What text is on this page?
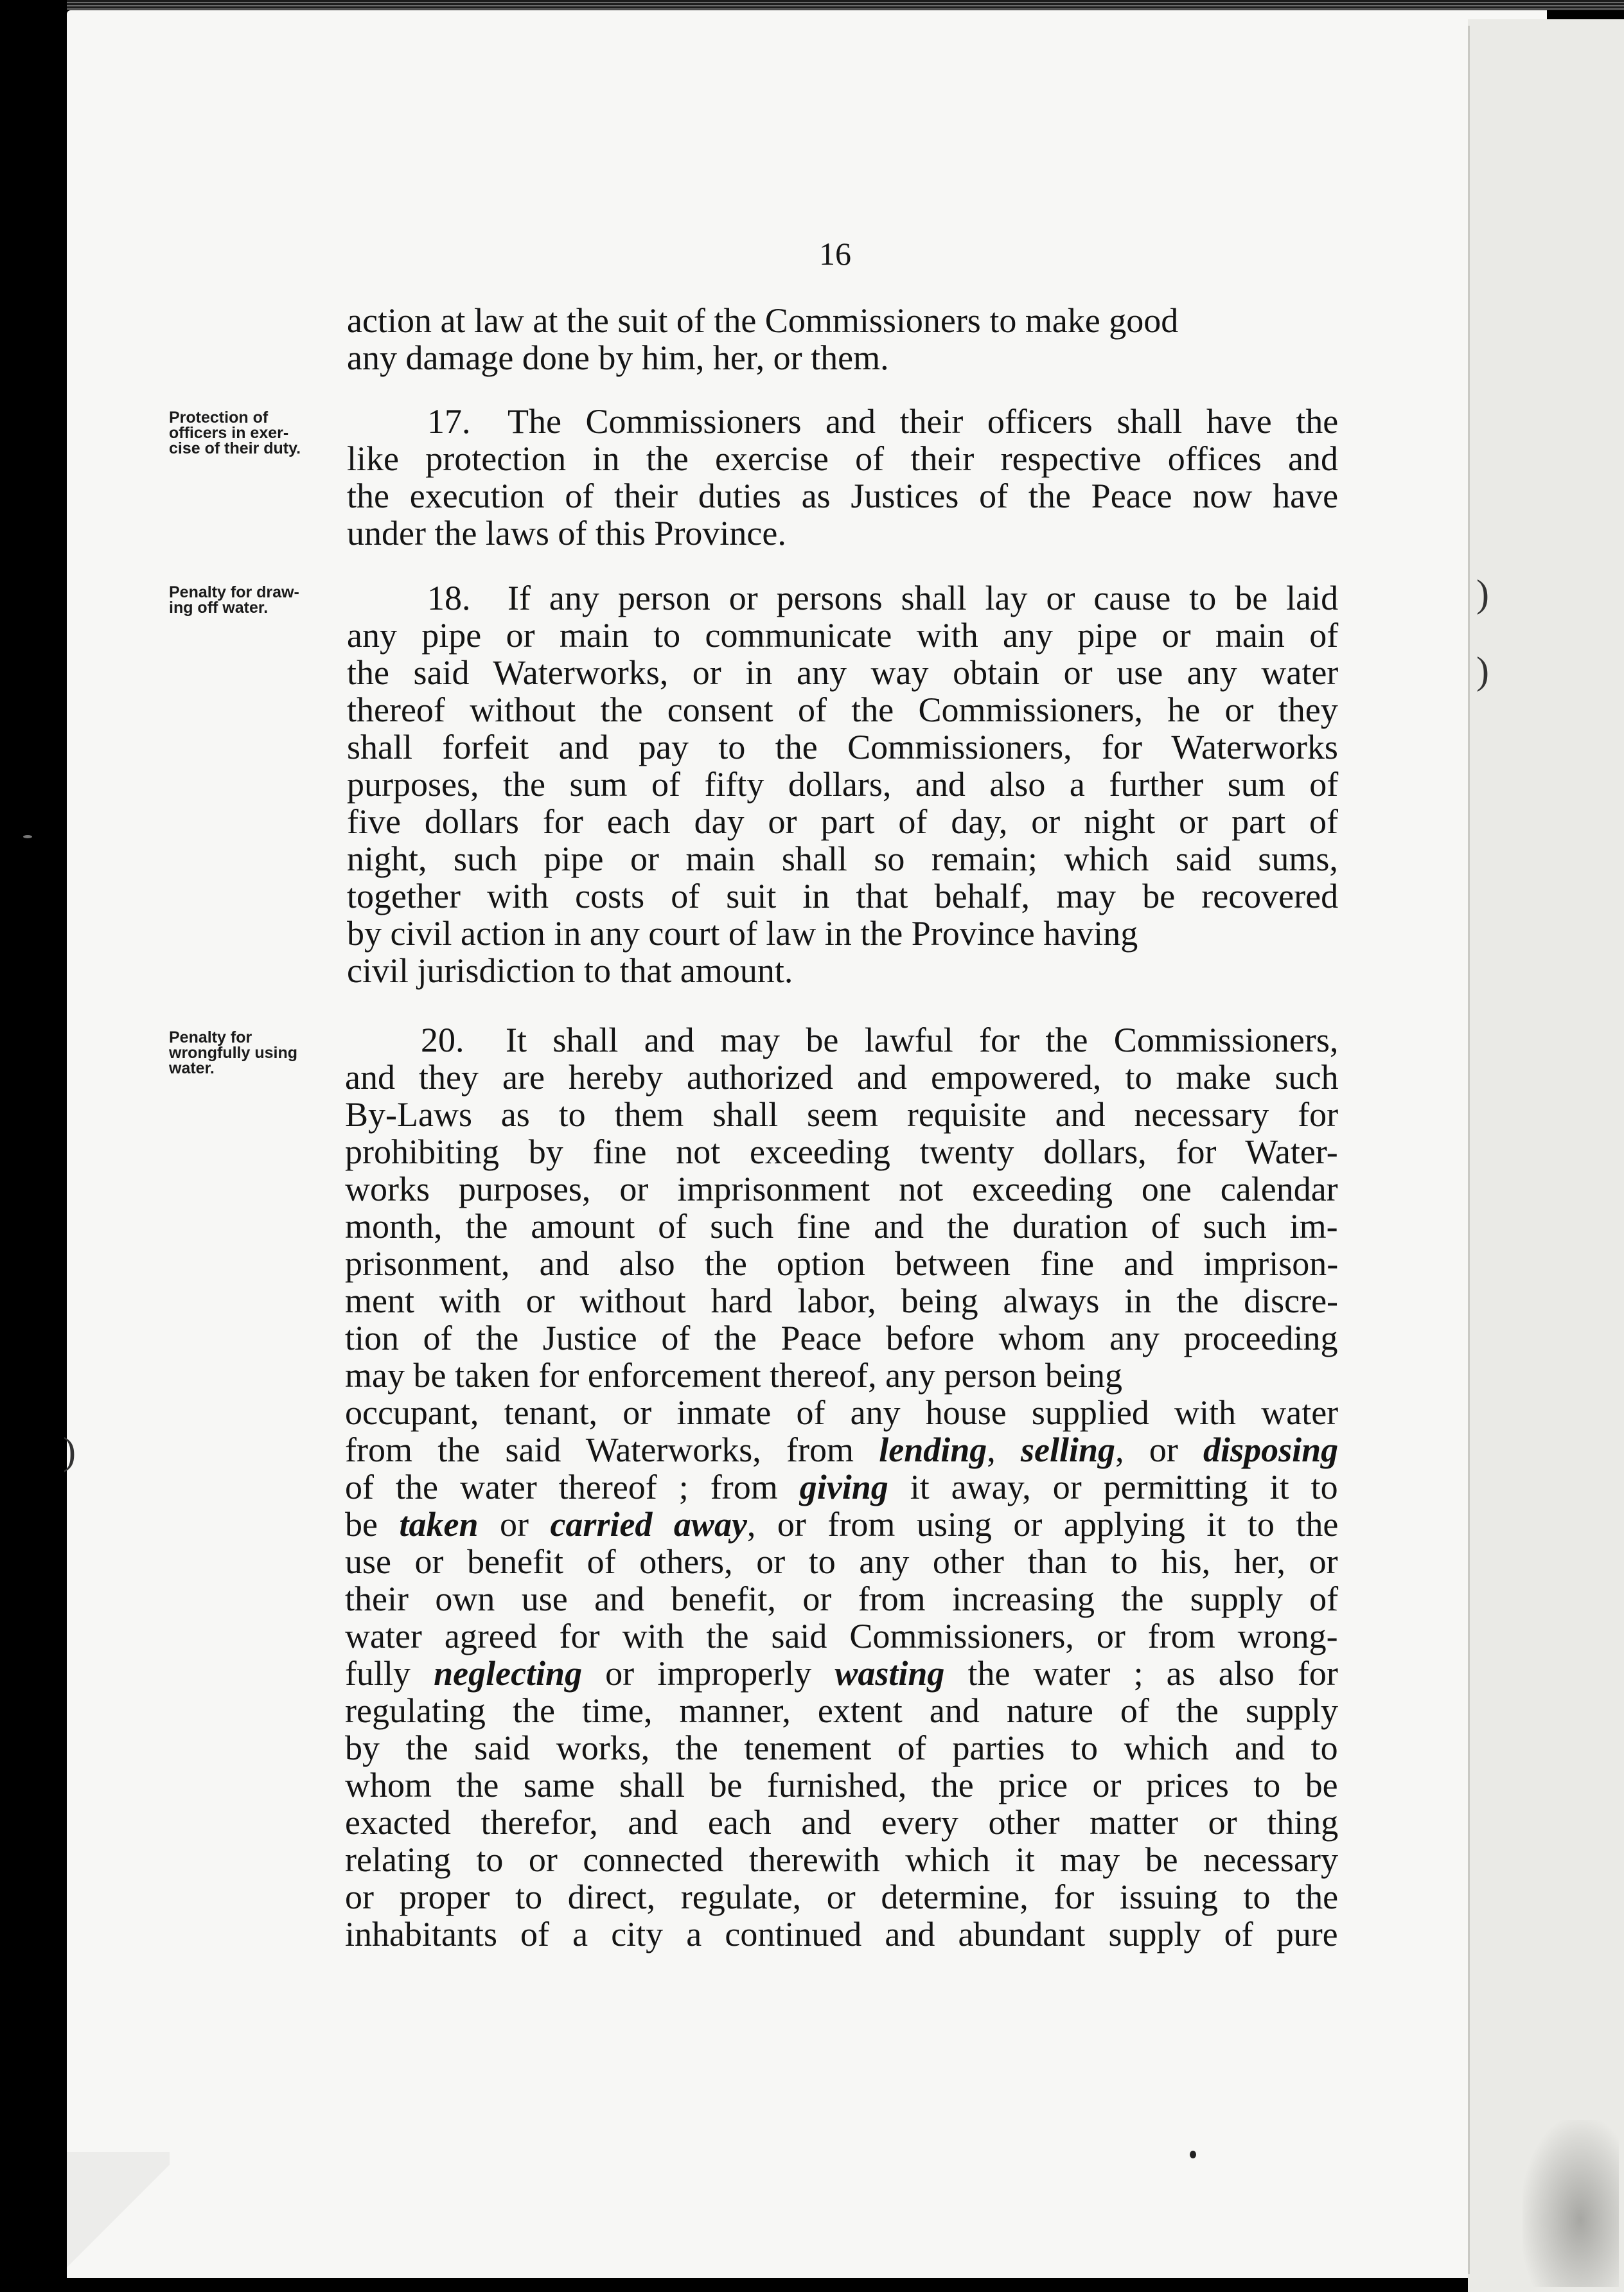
16
Protection of
officers in exer-
cise of their duty.
Penalty for draw-
ing off water.
Penalty for
wrongfully using
water.
action at law at the suit of the Commissioners to make good
any damage done by him, her, or them.
17. The Commissioners and their officers shall have the
like protection in the exercise of their respective offices and
the execution of their duties as Justices of the Peace now have
under the laws of this Province.
18. If any person or persons shall lay or cause to be laid
any pipe or main to communicate with any pipe or main of
the said Waterworks, or in any way obtain or use any water
thereof without the consent of the Commissioners, he or they
shall forfeit and pay to the Commissioners, for Waterworks
purposes, the sum of fifty dollars, and also a further sum of
five dollars for each day or part of day, or night or part of
night, such pipe or main shall so remain; which said sums,
together with costs of suit in that behalf, may be recovered
by civil action in any court of law in the Province having
civil jurisdiction to that amount.
20. It shall and may be lawful for the Commissioners,
and they are hereby authorized and empowered, to make such
By-Laws as to them shall seem requisite and necessary for
prohibiting by fine not exceeding twenty dollars, for Water-
works purposes, or imprisonment not exceeding one calendar
month, the amount of such fine and the duration of such im-
prisonment, and also the option between fine and imprison-
ment with or without hard labor, being always in the discre-
tion of the Justice of the Peace before whom any proceeding
may be taken for enforcement thereof, any person being
occupant, tenant, or inmate of any house supplied with water
from the said Waterworks, from lending, selling, or disposing
of the water thereof ; from giving it away, or permitting it to
be taken or carried away, or from using or applying it to the
use or benefit of others, or to any other than to his, her, or
their own use and benefit, or from increasing the supply of
water agreed for with the said Commissioners, or from wrong-
fully neglecting or improperly wasting the water ; as also for
regulating the time, manner, extent and nature of the supply
by the said works, the tenement of parties to which and to
whom the same shall be furnished, the price or prices to be
exacted therefor, and each and every other matter or thing
relating to or connected therewith which it may be necessary
or proper to direct, regulate, or determine, for issuing to the
inhabitants of a city a continued and abundant supply of pure
)
)
)
